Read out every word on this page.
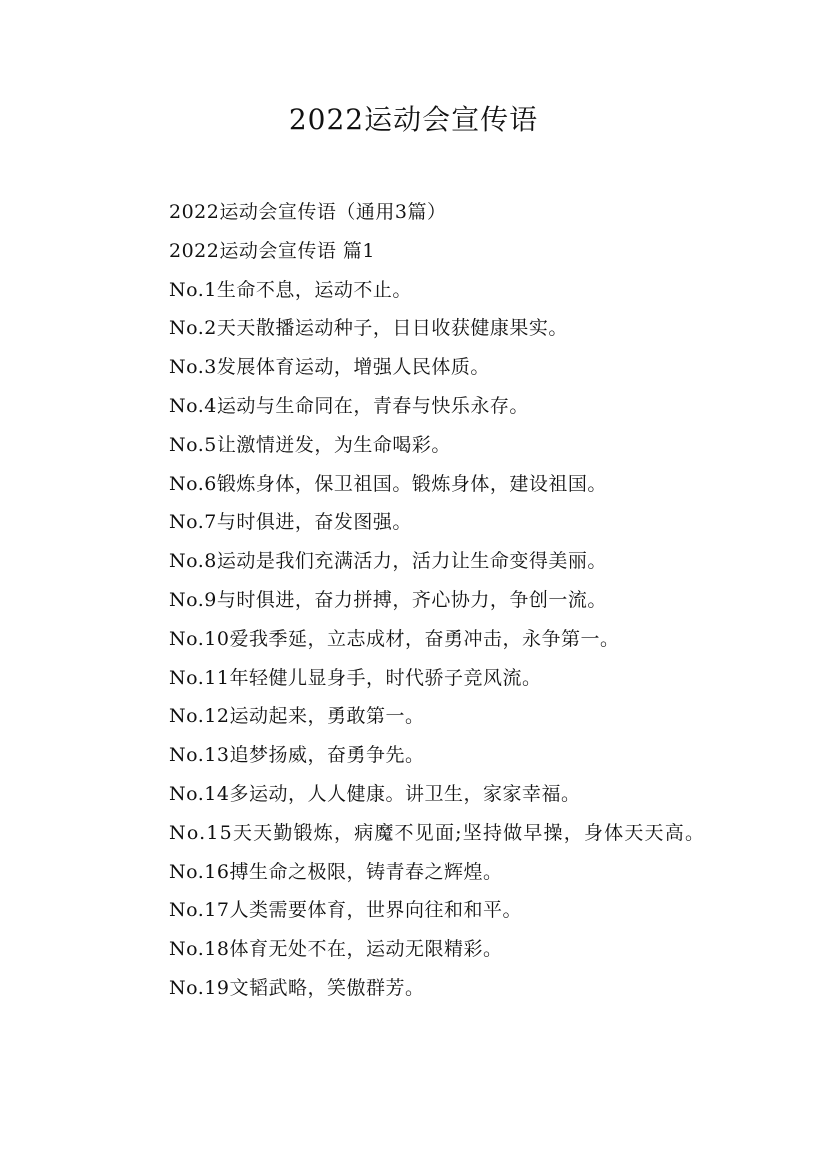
2022运动会宣传语
2022运动会宣传语（通用3篇）
2022运动会宣传语 篇1
No.1生命不息，运动不止。
No.2天天散播运动种子，日日收获健康果实。
No.3发展体育运动，增强人民体质。
No.4运动与生命同在，青春与快乐永存。
No.5让激情迸发，为生命喝彩。
No.6锻炼身体，保卫祖国。锻炼身体，建设祖国。
No.7与时俱进，奋发图强。
No.8运动是我们充满活力，活力让生命变得美丽。
No.9与时俱进，奋力拼搏，齐心协力，争创一流。
No.10爱我季延，立志成材，奋勇冲击，永争第一。
No.11年轻健儿显身手，时代骄子竞风流。
No.12运动起来，勇敢第一。
No.13追梦扬威，奋勇争先。
No.14多运动，人人健康。讲卫生，家家幸福。
No.15天天勤锻炼，病魔不见面;坚持做早操，身体天天高。
No.16搏生命之极限，铸青春之辉煌。
No.17人类需要体育，世界向往和和平。
No.18体育无处不在，运动无限精彩。
No.19文韬武略，笑傲群芳。
